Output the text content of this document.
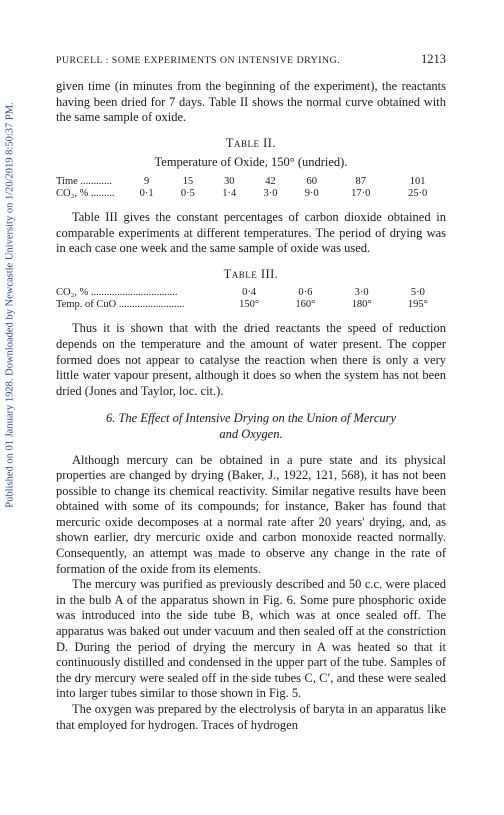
Published on 01 January 1928. Downloaded by Newcastle University on 1/20/2019 8:50:37 PM.
PURCELL : SOME EXPERIMENTS ON INTENSIVE DRYING.	1213

given time (in minutes from the beginning of the experiment), the reactants having been dried for 7 days. Table II shows the normal curve obtained with the same sample of oxide.

Table II.
Temperature of Oxide, 150° (undried).
Time ............	9	15	30	42	60	87	101
CO₂, % .........	0·1	0·5	1·4	3·0	9·0	17·0	25·0

Table III gives the constant percentages of carbon dioxide obtained in comparable experiments at different temperatures. The period of drying was in each case one week and the same sample of oxide was used.

Table III.
CO₂, % .................................	0·4	0·6	3·0	5·0
Temp. of CuO .........................	150°	160°	180°	195°

Thus it is shown that with the dried reactants the speed of reduction depends on the temperature and the amount of water present. The copper formed does not appear to catalyse the reaction when there is only a very little water vapour present, although it does so when the system has not been dried (Jones and Taylor, loc. cit.).

6. The Effect of Intensive Drying on the Union of Mercury
and Oxygen.

Although mercury can be obtained in a pure state and its physical properties are changed by drying (Baker, J., 1922, 121, 568), it has not been possible to change its chemical reactivity. Similar negative results have been obtained with some of its compounds; for instance, Baker has found that mercuric oxide decomposes at a normal rate after 20 years' drying, and, as shown earlier, dry mercuric oxide and carbon monoxide reacted normally. Consequently, an attempt was made to observe any change in the rate of formation of the oxide from its elements.

The mercury was purified as previously described and 50 c.c. were placed in the bulb A of the apparatus shown in Fig. 6. Some pure phosphoric oxide was introduced into the side tube B, which was at once sealed off. The apparatus was baked out under vacuum and then sealed off at the constriction D. During the period of drying the mercury in A was heated so that it continuously distilled and condensed in the upper part of the tube. Samples of the dry mercury were sealed off in the side tubes C, C′, and these were sealed into larger tubes similar to those shown in Fig. 5.

The oxygen was prepared by the electrolysis of baryta in an apparatus like that employed for hydrogen. Traces of hydrogen
